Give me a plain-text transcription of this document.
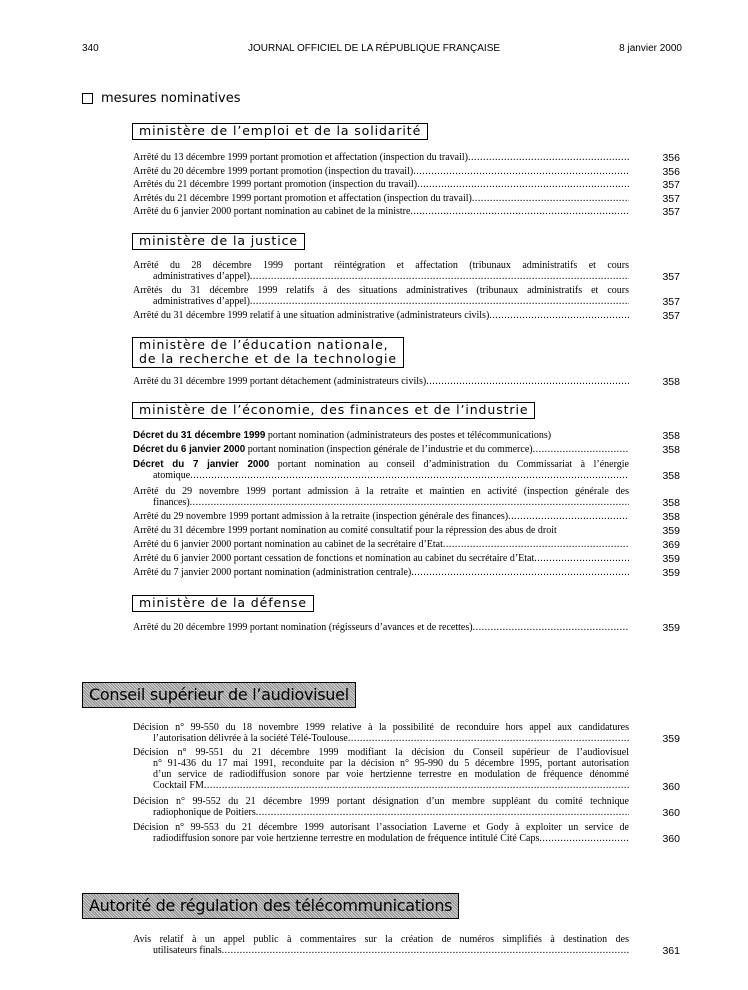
340	JOURNAL OFFICIEL DE LA RÉPUBLIQUE FRANÇAISE	8 janvier 2000
mesures nominatives
ministère de l’emploi et de la solidarité
Arrêté du 13 décembre 1999 portant promotion et affectation (inspection du travail) .....	356
Arrêté du 20 décembre 1999 portant promotion (inspection du travail) .....	356
Arrêtés du 21 décembre 1999 portant promotion (inspection du travail) .....	357
Arrêtés du 21 décembre 1999 portant promotion et affectation (inspection du travail) .....	357
Arrêté du 6 janvier 2000 portant nomination au cabinet de la ministre .....	357
ministère de la justice
Arrêté du 28 décembre 1999 portant réintégration et affectation (tribunaux administratifs et cours
administratives d’appel) .....	357
Arrêtés du 31 décembre 1999 relatifs à des situations administratives (tribunaux administratifs et cours
administratives d’appel) .....	357
Arrêté du 31 décembre 1999 relatif à une situation administrative (administrateurs civils) .....	357
ministère de l’éducation nationale,
de la recherche et de la technologie
Arrêté du 31 décembre 1999 portant détachement (administrateurs civils) .....	358
ministère de l’économie, des finances et de l’industrie
Décret du 31 décembre 1999 portant nomination (administrateurs des postes et télécommunications)	358
Décret du 6 janvier 2000 portant nomination (inspection générale de l’industrie et du commerce) .....	358
Décret du 7 janvier 2000 portant nomination au conseil d’administration du Commissariat à l’énergie
atomique .....	358
Arrêté du 29 novembre 1999 portant admission à la retraite et maintien en activité (inspection générale des
finances) .....	358
Arrêté du 29 novembre 1999 portant admission à la retraite (inspection générale des finances) .....	358
Arrêté du 31 décembre 1999 portant nomination au comité consultatif pour la répression des abus de droit	359
Arrêté du 6 janvier 2000 portant nomination au cabinet de la secrétaire d’Etat .....	369
Arrêté du 6 janvier 2000 portant cessation de fonctions et nomination au cabinet du secrétaire d’Etat .....	359
Arrêté du 7 janvier 2000 portant nomination (administration centrale) .....	359
ministère de la défense
Arrêté du 20 décembre 1999 portant nomination (régisseurs d’avances et de recettes) .....	359
Conseil supérieur de l’audiovisuel
Décision n° 99-550 du 18 novembre 1999 relative à la possibilité de reconduire hors appel aux candidatures
l’autorisation délivrée à la société Télé-Toulouse .....	359
Décision n° 99-551 du 21 décembre 1999 modifiant la décision du Conseil supérieur de l’audiovisuel
n° 91-436 du 17 mai 1991, reconduite par la décision n° 95-990 du 5 décembre 1995, portant autorisation
d’un service de radiodiffusion sonore par voie hertzienne terrestre en modulation de fréquence dénommé
Cocktail FM .....	360
Décision n° 99-552 du 21 décembre 1999 portant désignation d’un membre suppléant du comité technique
radiophonique de Poitiers .....	360
Décision n° 99-553 du 21 décembre 1999 autorisant l’association Laverne et Gody à exploiter un service de
radiodiffusion sonore par voie hertzienne terrestre en modulation de fréquence intitulé Cité Caps .....	360
Autorité de régulation des télécommunications
Avis relatif à un appel public à commentaires sur la création de numéros simplifiés à destination des
utilisateurs finals .....	361
